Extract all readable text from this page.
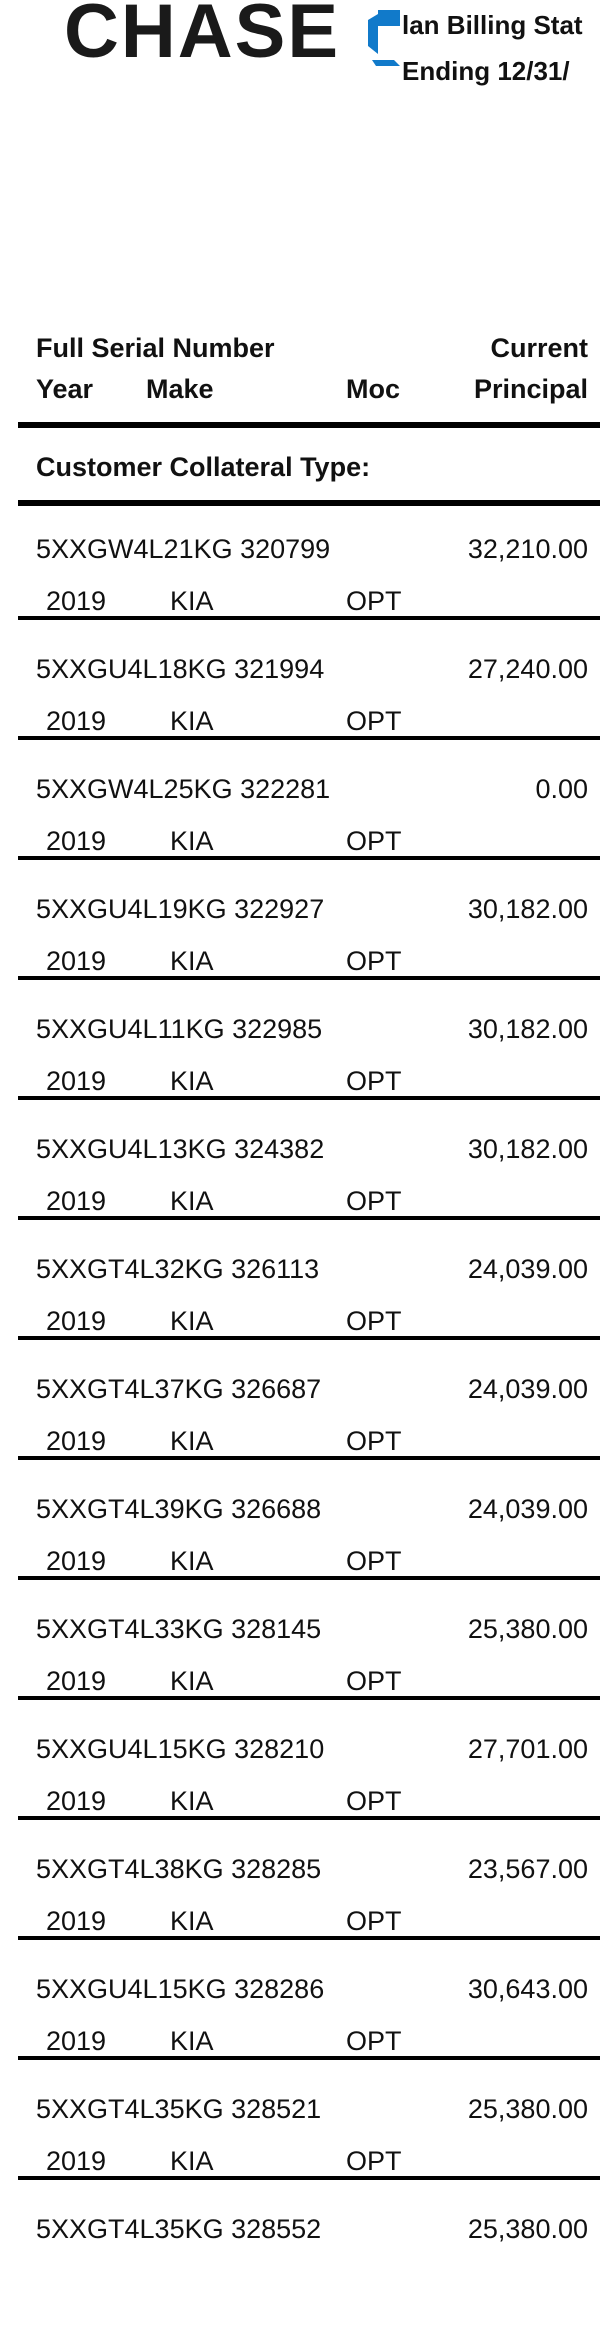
CHASE lan Billing Stat
Ending 12/31/
Full Serial Number
Year Make	Moc
Current
Principal
Customer Collateral Type:
5XXGW4L21KG 320799	32,210.00
2019 KIA	OPT
5XXGU4L18KG 321994	27,240.00
2019 KIA	OPT
5XXGW4L25KG 322281	0.00
2019 KIA	OPT
5XXGU4L19KG 322927	30,182.00
2019 KIA	OPT
5XXGU4L11KG 322985	30,182.00
2019 KIA	OPT
5XXGU4L13KG 324382	30,182.00
2019 KIA	OPT
5XXGT4L32KG 326113	24,039.00
2019 KIA	OPT
5XXGT4L37KG 326687	24,039.00
2019 KIA	OPT
5XXGT4L39KG 326688	24,039.00
2019 KIA	OPT
5XXGT4L33KG 328145	25,380.00
2019 KIA	OPT
5XXGU4L15KG 328210	27,701.00
2019 KIA	OPT
5XXGT4L38KG 328285	23,567.00
2019 KIA	OPT
5XXGU4L15KG 328286	30,643.00
2019 KIA	OPT
5XXGT4L35KG 328521	25,380.00
2019 KIA	OPT
5XXGT4L35KG 328552	25,380.00
